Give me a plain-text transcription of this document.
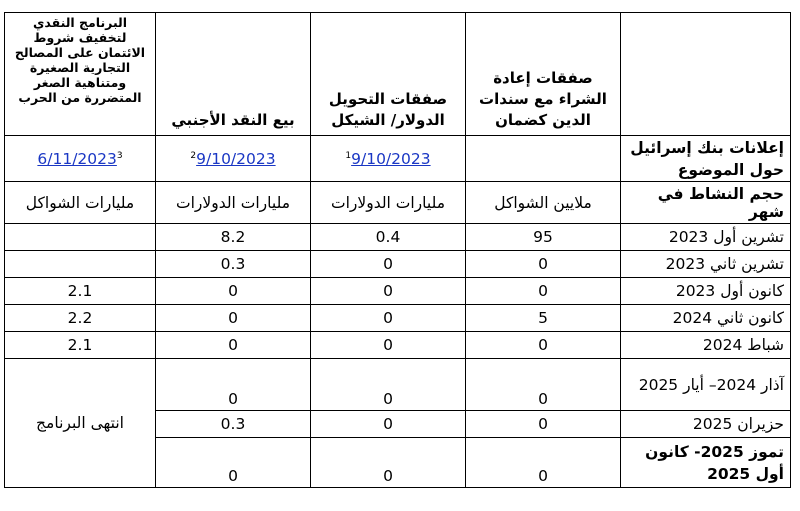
	صفقات إعادة الشراء مع سندات الدين كضمان	صفقات التحويل الدولار/ الشيكل	بيع النقد الأجنبي	البرنامج النقدي لتخفيف شروط الائتمان على المصالح التجارية الصغيرة ومتناهية الصغر المتضررة من الحرب
إعلانات بنك إسرائيل حول الموضوع		$^1$9/10/2023	$^2$9/10/2023	6/11/2023$^3$
حجم النشاط في شهر	ملايين الشواكل	مليارات الدولارات	مليارات الدولارات	مليارات الشواكل
تشرين أول 2023	95	0.4	8.2	
تشرين ثاني 2023	0	0	0.3	
كانون أول 2023	0	0	0	2.1
كانون ثاني 2024	5	0	0	2.2
شباط 2024	0	0	0	2.1
آذار 2024– أيار 2025	0	0	0	انتهى البرنامج
حزيران 2025	0	0	0.3	
تموز 2025- كانون أول 2025	0	0	0	
